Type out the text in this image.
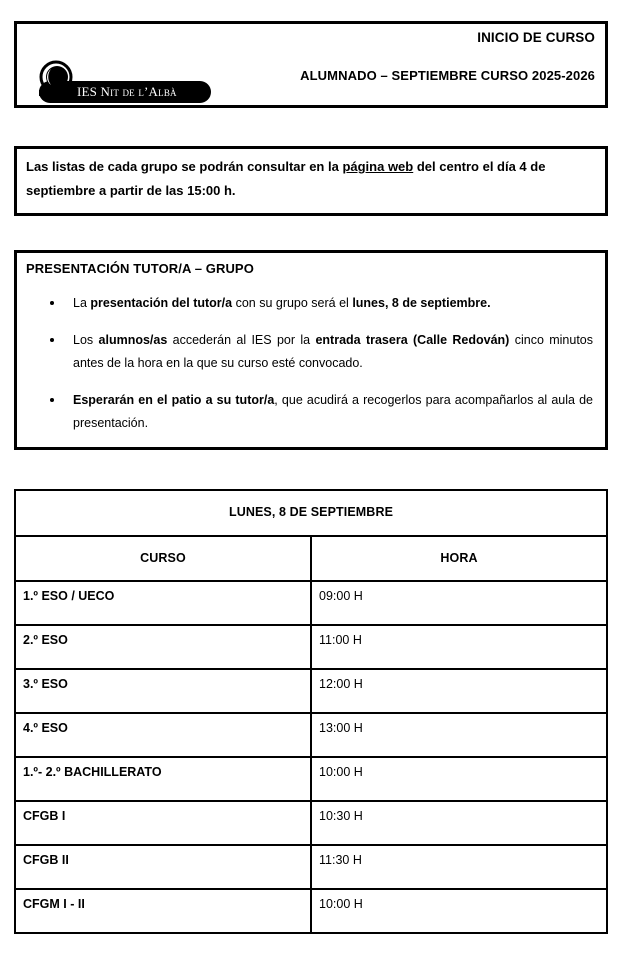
IES Nit de l’Albà
INICIO DE CURSO
ALUMNADO – SEPTIEMBRE CURSO 2025-2026
Las listas de cada grupo se podrán consultar en la página web del centro el día 4 de septiembre a partir de las 15:00 h.
PRESENTACIÓN TUTOR/A – GRUPO
La presentación del tutor/a con su grupo será el lunes, 8 de septiembre.
Los alumnos/as accederán al IES por la entrada trasera (Calle Redován) cinco minutos antes de la hora en la que su curso esté convocado.
Esperarán en el patio a su tutor/a, que acudirá a recogerlos para acompañarlos al aula de presentación.
LUNES, 8 DE SEPTIEMBRE	
CURSO	HORA
1.º ESO / UECO	09:00 H
2.º ESO	11:00 H
3.º ESO	12:00 H
4.º ESO	13:00 H
1.º- 2.º BACHILLERATO	10:00 H
CFGB I	10:30 H
CFGB II	11:30 H
CFGM I - II	10:00 H
